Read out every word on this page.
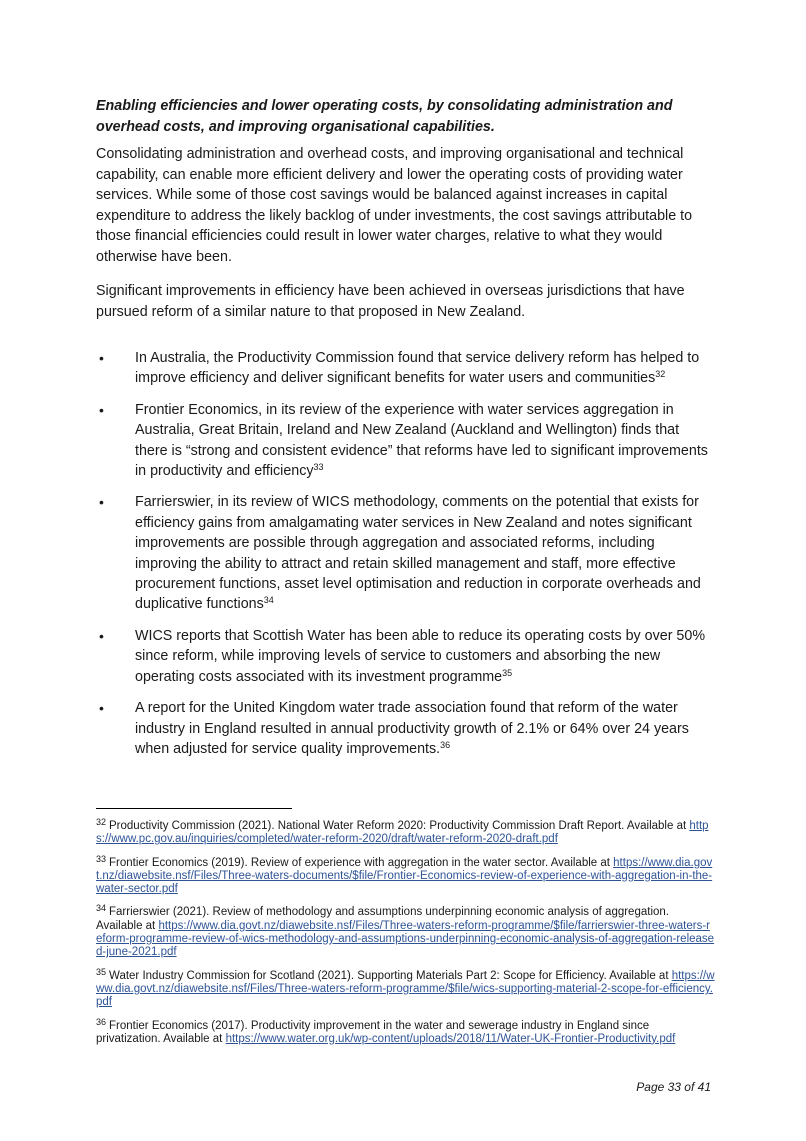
Enabling efficiencies and lower operating costs, by consolidating administration and overhead costs, and improving organisational capabilities.

Consolidating administration and overhead costs, and improving organisational and technical capability, can enable more efficient delivery and lower the operating costs of providing water services. While some of those cost savings would be balanced against increases in capital expenditure to address the likely backlog of under investments, the cost savings attributable to those financial efficiencies could result in lower water charges, relative to what they would otherwise have been.

Significant improvements in efficiency have been achieved in overseas jurisdictions that have pursued reform of a similar nature to that proposed in New Zealand.

• In Australia, the Productivity Commission found that service delivery reform has helped to improve efficiency and deliver significant benefits for water users and communities$^{32}$
• Frontier Economics, in its review of the experience with water services aggregation in Australia, Great Britain, Ireland and New Zealand (Auckland and Wellington) finds that there is “strong and consistent evidence” that reforms have led to significant improvements in productivity and efficiency$^{33}$
• Farrierswier, in its review of WICS methodology, comments on the potential that exists for efficiency gains from amalgamating water services in New Zealand and notes significant improvements are possible through aggregation and associated reforms, including improving the ability to attract and retain skilled management and staff, more effective procurement functions, asset level optimisation and reduction in corporate overheads and duplicative functions$^{34}$
• WICS reports that Scottish Water has been able to reduce its operating costs by over 50% since reform, while improving levels of service to customers and absorbing the new operating costs associated with its investment programme$^{35}$
• A report for the United Kingdom water trade association found that reform of the water industry in England resulted in annual productivity growth of 2.1% or 64% over 24 years when adjusted for service quality improvements.$^{36}$

$^{32}$ Productivity Commission (2021). National Water Reform 2020: Productivity Commission Draft Report. Available at https://www.pc.gov.au/inquiries/completed/water-reform-2020/draft/water-reform-2020-draft.pdf

$^{33}$ Frontier Economics (2019). Review of experience with aggregation in the water sector. Available at https://www.dia.govt.nz/diawebsite.nsf/Files/Three-waters-documents/$file/Frontier-Economics-review-of-experience-with-aggregation-in-the-water-sector.pdf

$^{34}$ Farrierswier (2021). Review of methodology and assumptions underpinning economic analysis of aggregation. Available at https://www.dia.govt.nz/diawebsite.nsf/Files/Three-waters-reform-programme/$file/farrierswier-three-waters-reform-programme-review-of-wics-methodology-and-assumptions-underpinning-economic-analysis-of-aggregation-released-june-2021.pdf

$^{35}$ Water Industry Commission for Scotland (2021). Supporting Materials Part 2: Scope for Efficiency. Available at https://www.dia.govt.nz/diawebsite.nsf/Files/Three-waters-reform-programme/$file/wics-supporting-material-2-scope-for-efficiency.pdf

$^{36}$ Frontier Economics (2017). Productivity improvement in the water and sewerage industry in England since privatization. Available at https://www.water.org.uk/wp-content/uploads/2018/11/Water-UK-Frontier-Productivity.pdf

Page 33 of 41
